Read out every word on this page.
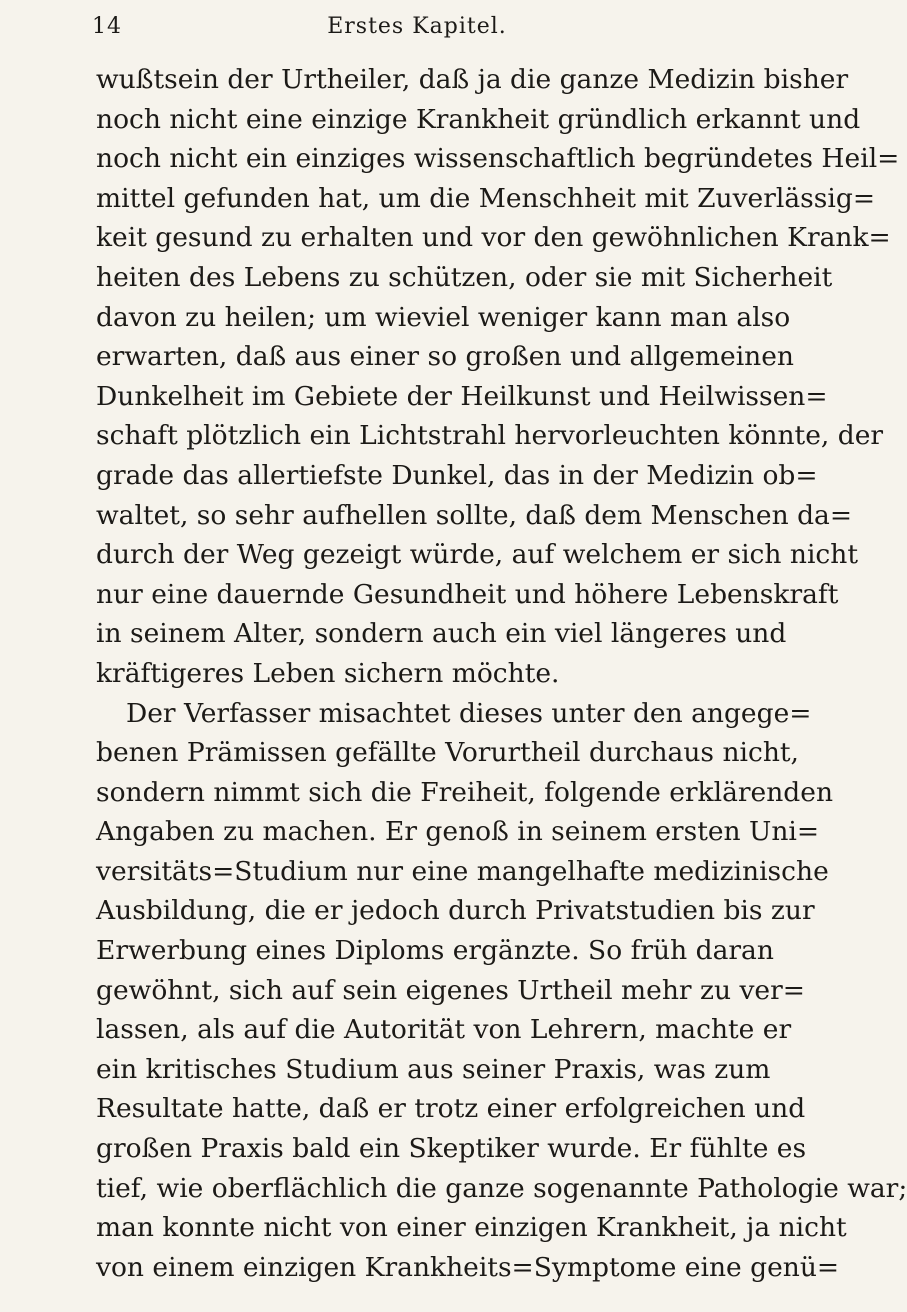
14	Erstes Kapitel.
wußtsein der Urtheiler, daß ja die ganze Medizin bisher
noch nicht eine einzige Krankheit gründlich erkannt und
noch nicht ein einziges wissenschaftlich begründetes Heil=
mittel gefunden hat, um die Menschheit mit Zuverlässig=
keit gesund zu erhalten und vor den gewöhnlichen Krank=
heiten des Lebens zu schützen, oder sie mit Sicherheit
davon zu heilen; um wieviel weniger kann man also
erwarten, daß aus einer so großen und allgemeinen
Dunkelheit im Gebiete der Heilkunst und Heilwissen=
schaft plötzlich ein Lichtstrahl hervorleuchten könnte, der
grade das allertiefste Dunkel, das in der Medizin ob=
waltet, so sehr aufhellen sollte, daß dem Menschen da=
durch der Weg gezeigt würde, auf welchem er sich nicht
nur eine dauernde Gesundheit und höhere Lebenskraft
in seinem Alter, sondern auch ein viel längeres und
kräftigeres Leben sichern möchte.
Der Verfasser misachtet dieses unter den angege=
benen Prämissen gefällte Vorurtheil durchaus nicht,
sondern nimmt sich die Freiheit, folgende erklärenden
Angaben zu machen. Er genoß in seinem ersten Uni=
versitäts=Studium nur eine mangelhafte medizinische
Ausbildung, die er jedoch durch Privatstudien bis zur
Erwerbung eines Diploms ergänzte. So früh daran
gewöhnt, sich auf sein eigenes Urtheil mehr zu ver=
lassen, als auf die Autorität von Lehrern, machte er
ein kritisches Studium aus seiner Praxis, was zum
Resultate hatte, daß er trotz einer erfolgreichen und
großen Praxis bald ein Skeptiker wurde. Er fühlte es
tief, wie oberflächlich die ganze sogenannte Pathologie war;
man konnte nicht von einer einzigen Krankheit, ja nicht
von einem einzigen Krankheits=Symptome eine genü=
